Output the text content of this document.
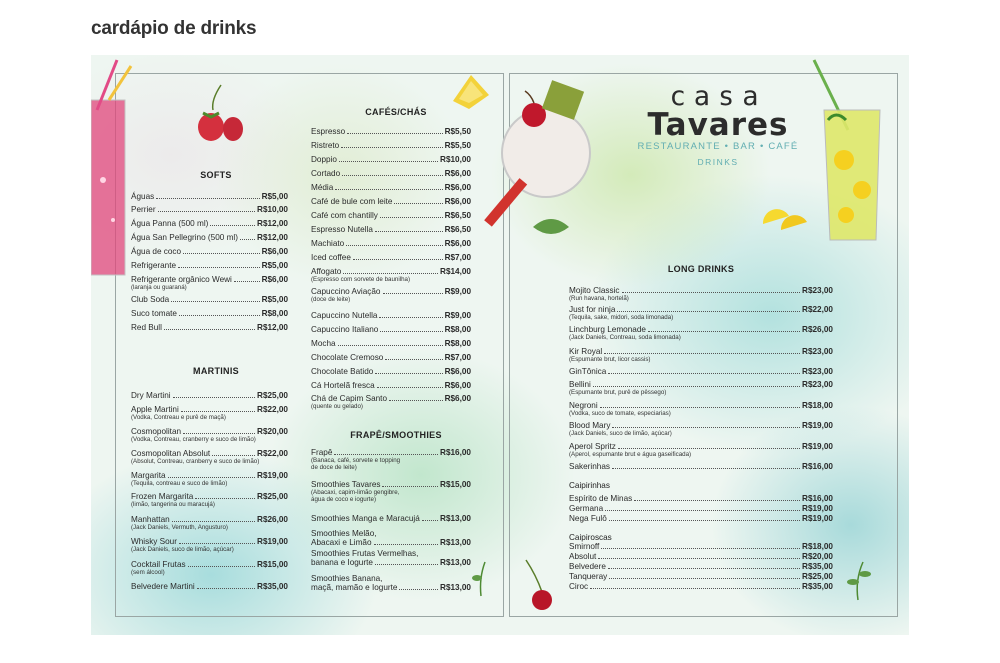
cardápio de drinks
casa
Tavares
RESTAURANTE • BAR • CAFÉ
DRINKS
SOFTS
MARTINIS
CAFÉS/CHÁS
FRAPÊ/SMOOTHIES
LONG DRINKS
Caipirinhas
Caipiroscas
Águas	R$5,00
Perrier	R$10,00
Água Panna (500 ml)	R$12,00
Água San Pellegrino (500 ml) R$12,00
Água de coco	R$6,00
Refrigerante	R$5,00
Refrigerante orgânico Wewi	R$6,00
(laranja ou guaraná)
Club Soda	R$5,00
Suco tomate	R$8,00
Red Bull	R$12,00
Dry Martini	R$25,00
Apple Martini	R$22,00
(Vodka, Contreau e purê de maçã)
Cosmopolitan	R$20,00
(Vodka, Contreau, cranberry e suco de limão)
Cosmopolitan Absolut	R$22,00
(Absolut, Contreau, cranberry e suco de limão)
Margarita	R$19,00
(Tequila, contreau e suco de limão)
Frozen Margarita	R$25,00
(limão, tangerina ou maracujá)
Manhattan	R$26,00
(Jack Daniels, Vermuth, Angusturo)
Whisky Sour	R$19,00
(Jack Daniels, suco de limão, açúcar)
Cocktail Frutas	R$15,00
(sem álcool)
Belvedere Martini	R$35,00
Espresso	R$5,50
Ristreto	R$5,50
Doppio	R$10,00
Cortado	R$6,00
Média	R$6,00
Café de bule com leite	R$6,00
Café com chantilly	R$6,50
Espresso Nutella	R$6,50
Machiato	R$6,00
Iced coffee	R$7,00
Affogato	R$14,00
(Espresso com sorvete de baunilha)
Capuccino Aviação	R$9,00
(doce de leite)
Capuccino Nutella	R$9,00
Capuccino Italiano	R$8,00
Mocha	R$8,00
Chocolate Cremoso	R$7,00
Chocolate Batido	R$6,00
Cá Hortelã fresca	R$6,00
Chá de Capim Santo	R$6,00
(quente ou gelado)
Frapê	R$16,00
(Banaca, café, sorvete e topping
de doce de leite)
Smoothies Tavares	R$15,00
(Abacaxi, capim-limão gengibre,
água de coco e iogurte)
Smoothies Manga e Maracujá R$13,00
Smoothies Melão,
Abacaxi e Limão	R$13,00
Smoothies Frutas Vermelhas,
banana e Iogurte	R$13,00
Smoothies Banana,
maçã, mamão e Iogurte	R$13,00
Mojito Classic	R$23,00
(Run havana, hortelã)
Just for ninja	R$22,00
(Tequila, sake, midori, soda limonada)
Linchburg Lemonade	R$26,00
(Jack Daniels, Contreau, soda limonada)
Kir Royal	R$23,00
(Espumante brut, licor cassis)
GinTônica	R$23,00
Bellini	R$23,00
(Espumante brut, purê de pêssego)
Negroni	R$18,00
(Vodka, suco de tomate, especiarias)
Blood Mary	R$19,00
(Jack Daniels, suco de limão, açúcar)
Aperol Spritz	R$19,00
(Aperol, espumante brut e água gaseificada)
Sakerinhas	R$16,00
Espírito de Minas	R$16,00
Germana	R$19,00
Nega Fulô	R$19,00
Smirnoff	R$18,00
Absolut	R$20,00
Belvedere	R$35,00
Tanqueray	R$25,00
Ciroc	R$35,00
